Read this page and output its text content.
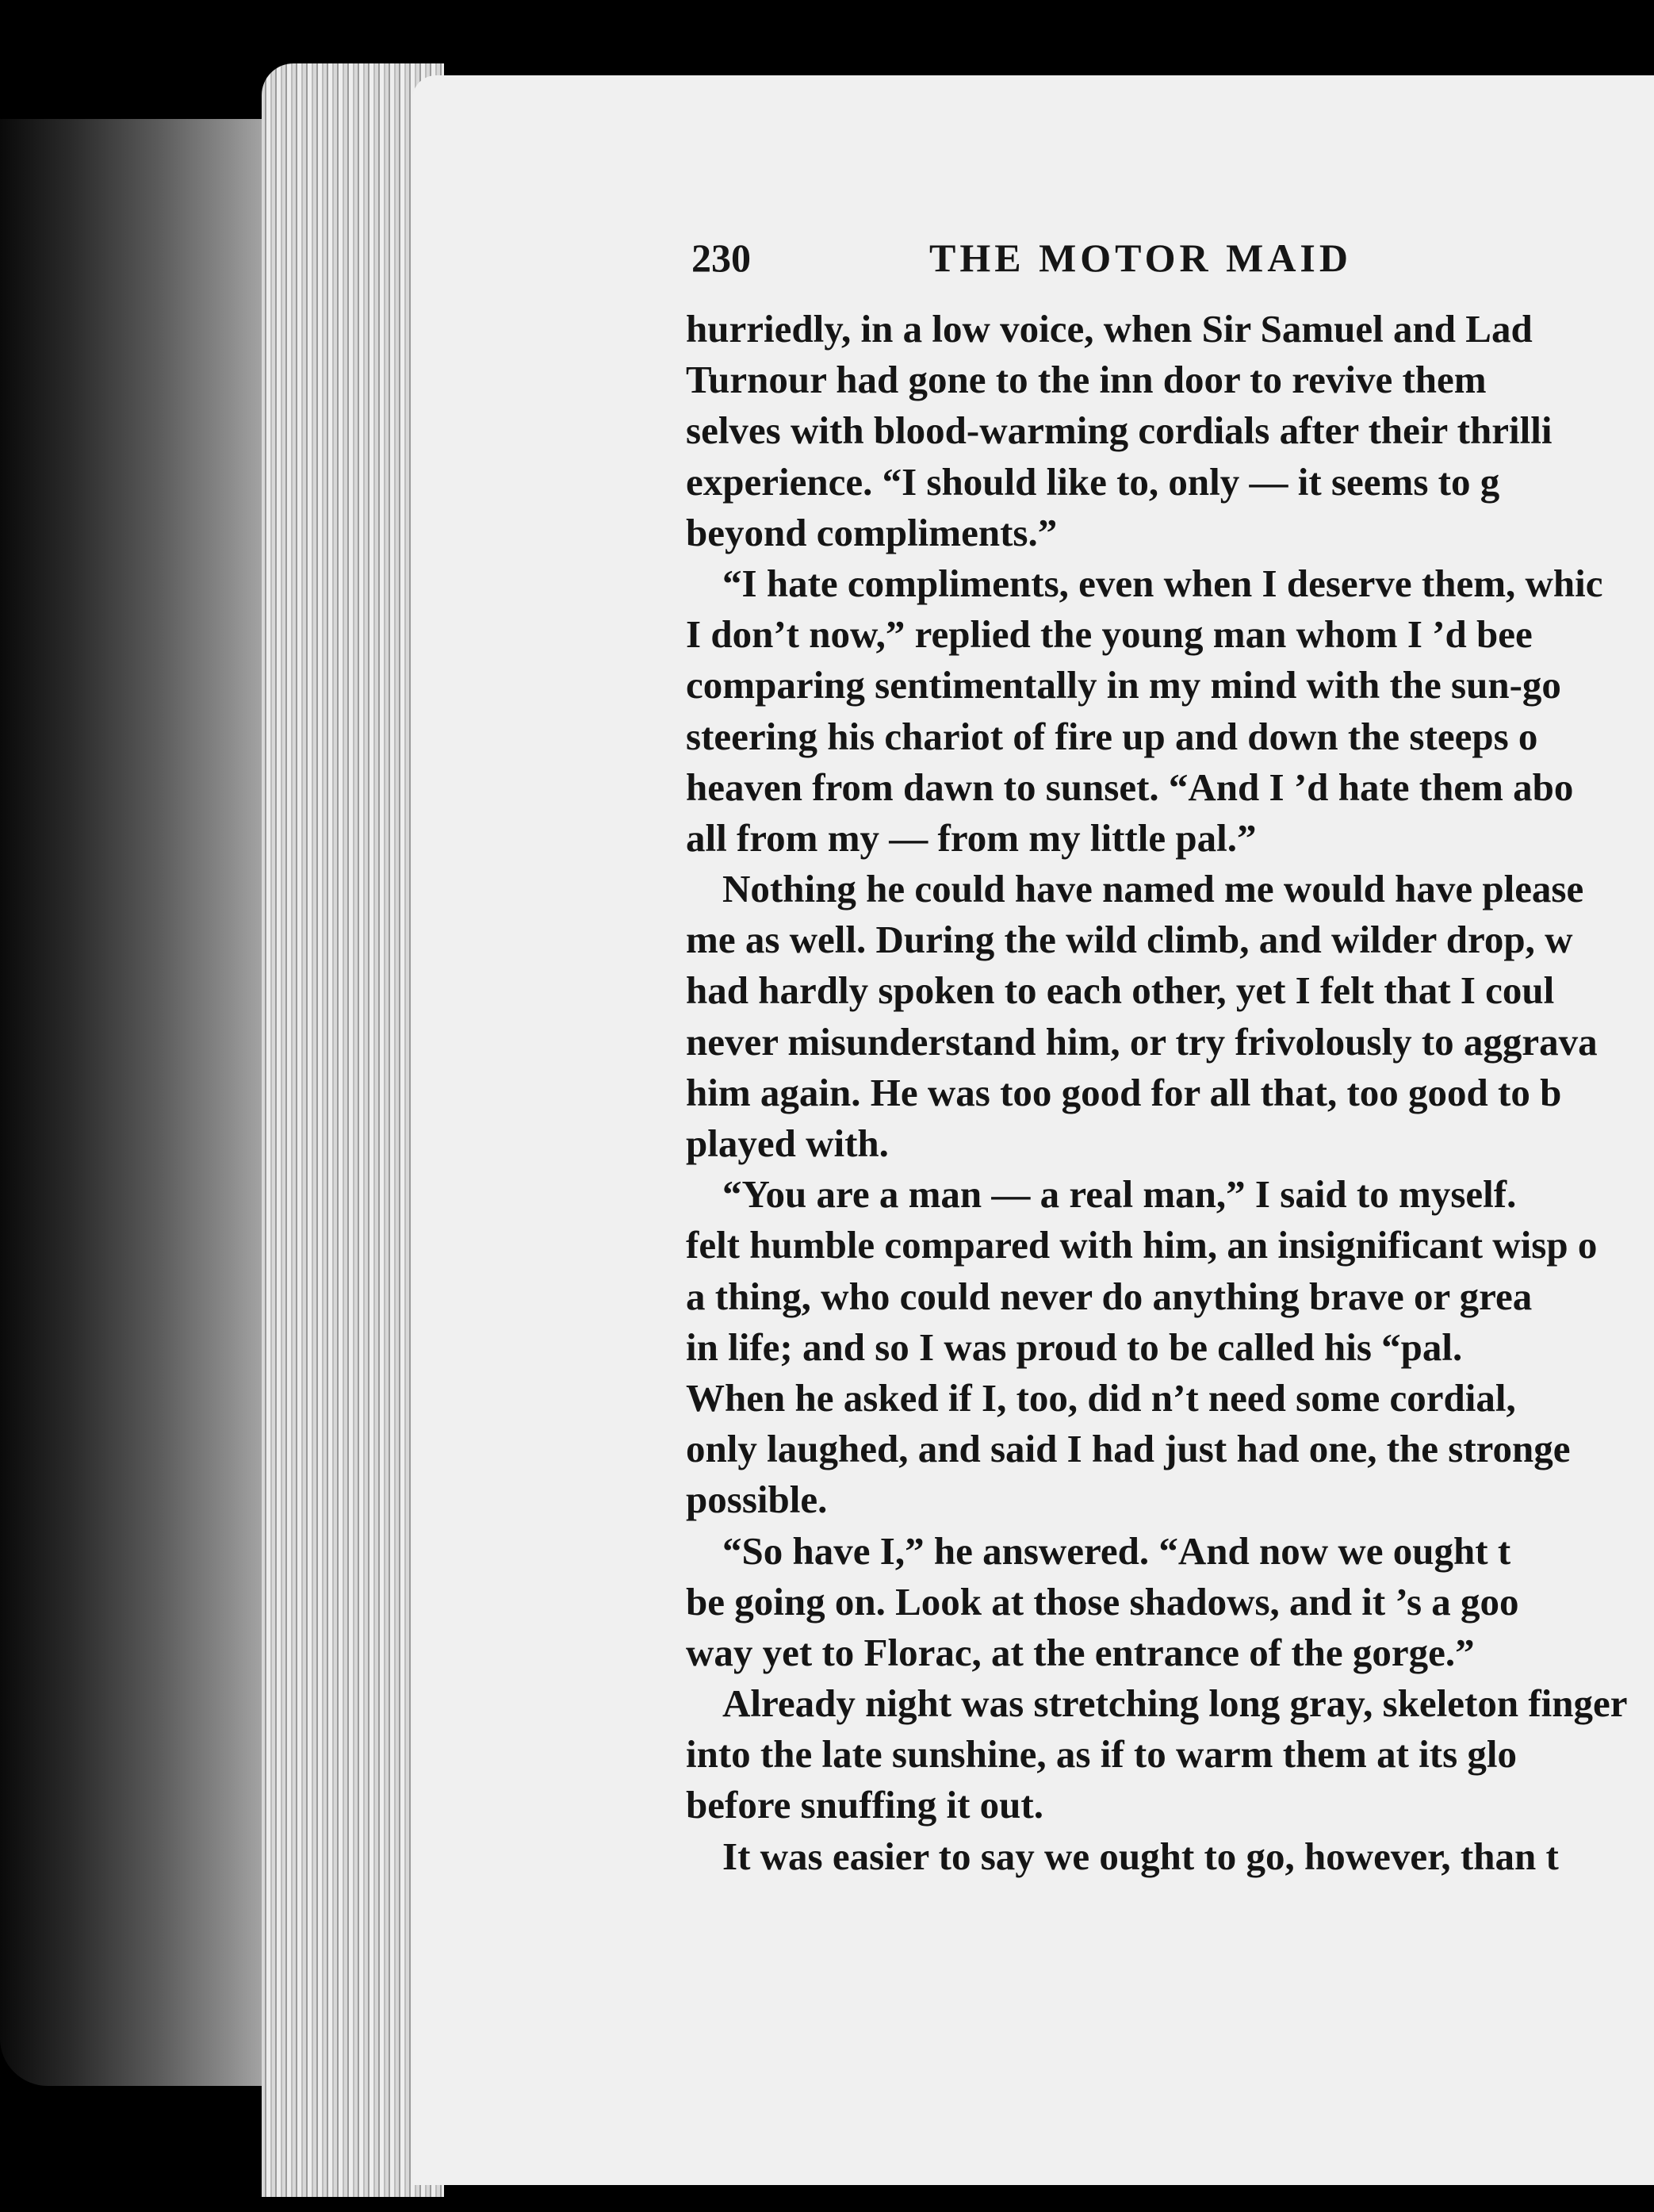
230	THE MOTOR MAID
hurriedly, in a low voice, when Sir Samuel and Lad
Turnour had gone to the inn door to revive them
selves with blood-warming cordials after their thrilli
experience. “I should like to, only — it seems to g
beyond compliments.”
“I hate compliments, even when I deserve them, whic
I don’t now,” replied the young man whom I ’d bee
comparing sentimentally in my mind with the sun-go
steering his chariot of fire up and down the steeps o
heaven from dawn to sunset. “And I ’d hate them abo
all from my — from my little pal.”
Nothing he could have named me would have please
me as well. During the wild climb, and wilder drop, w
had hardly spoken to each other, yet I felt that I coul
never misunderstand him, or try frivolously to aggrava
him again. He was too good for all that, too good to b
played with.
“You are a man — a real man,” I said to myself.
felt humble compared with him, an insignificant wisp o
a thing, who could never do anything brave or grea
in life; and so I was proud to be called his “pal.
When he asked if I, too, did n’t need some cordial,
only laughed, and said I had just had one, the stronge
possible.
“So have I,” he answered. “And now we ought t
be going on. Look at those shadows, and it ’s a goo
way yet to Florac, at the entrance of the gorge.”
Already night was stretching long gray, skeleton finger
into the late sunshine, as if to warm them at its glo
before snuffing it out.
It was easier to say we ought to go, however, than t
